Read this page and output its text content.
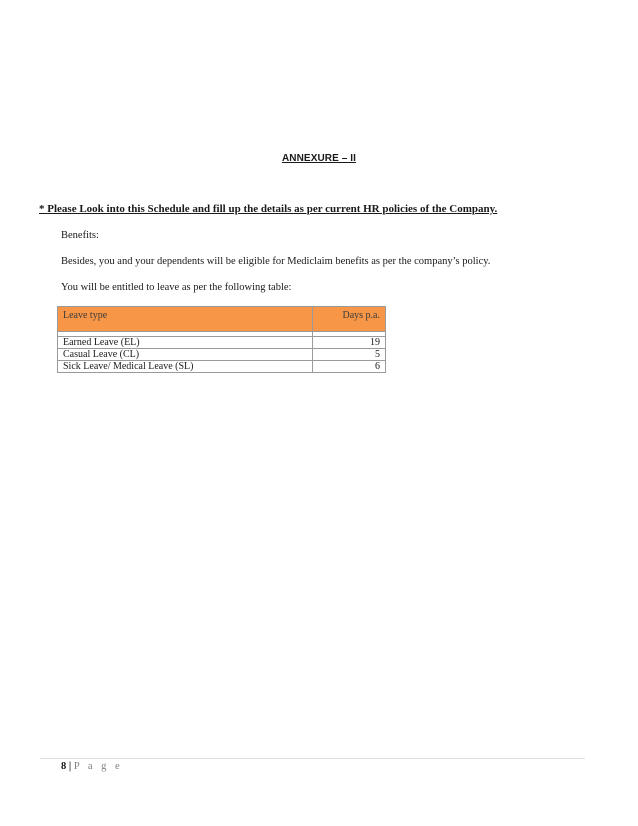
ANNEXURE – II
* Please Look into this Schedule and fill up the details as per current HR policies of the Company.
Benefits:
Besides, you and your dependents will be eligible for Mediclaim benefits as per the company’s policy.
You will be entitled to leave as per the following table:
Leave type	Days p.a.

Earned Leave (EL)	19
Casual Leave (CL)	5
Sick Leave/ Medical Leave (SL)	6
8 | P a g e
